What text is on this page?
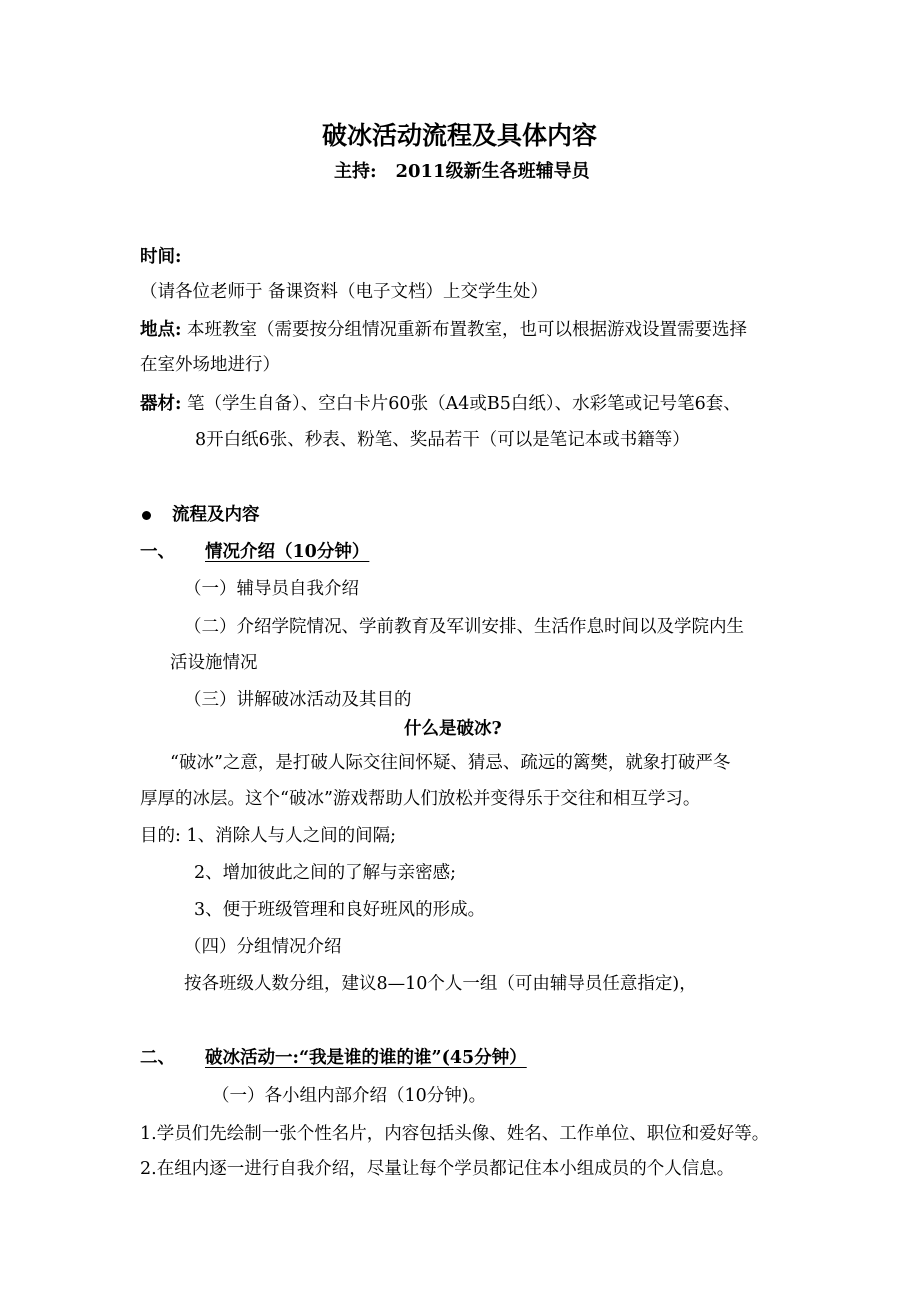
破冰活动流程及具体内容
主持: 2011级新生各班辅导员
时间:
（请各位老师于 备课资料（电子文档）上交学生处）
地点: 本班教室（需要按分组情况重新布置教室，也可以根据游戏设置需要选择
在室外场地进行）
器材: 笔（学生自备）、空白卡片60张（A4或B5白纸）、水彩笔或记号笔6套、
8开白纸6张、秒表、粉笔、奖品若干（可以是笔记本或书籍等）
流程及内容
一、 情况介绍（10分钟）
（一）辅导员自我介绍
（二）介绍学院情况、学前教育及军训安排、生活作息时间以及学院内生
活设施情况
（三）讲解破冰活动及其目的
什么是破冰?
“破冰”之意，是打破人际交往间怀疑、猜忌、疏远的篱樊，就象打破严冬
厚厚的冰层。这个“破冰”游戏帮助人们放松并变得乐于交往和相互学习。
目的: 1、消除人与人之间的间隔;
2、增加彼此之间的了解与亲密感;
3、便于班级管理和良好班风的形成。
（四）分组情况介绍
按各班级人数分组，建议8—10个人一组（可由辅导员任意指定)，
二、 破冰活动一:“我是谁的谁的谁”(45分钟）
（一）各小组内部介绍（10分钟)。
1.学员们先绘制一张个性名片，内容包括头像、姓名、工作单位、职位和爱好等。
2.在组内逐一进行自我介绍，尽量让每个学员都记住本小组成员的个人信息。
